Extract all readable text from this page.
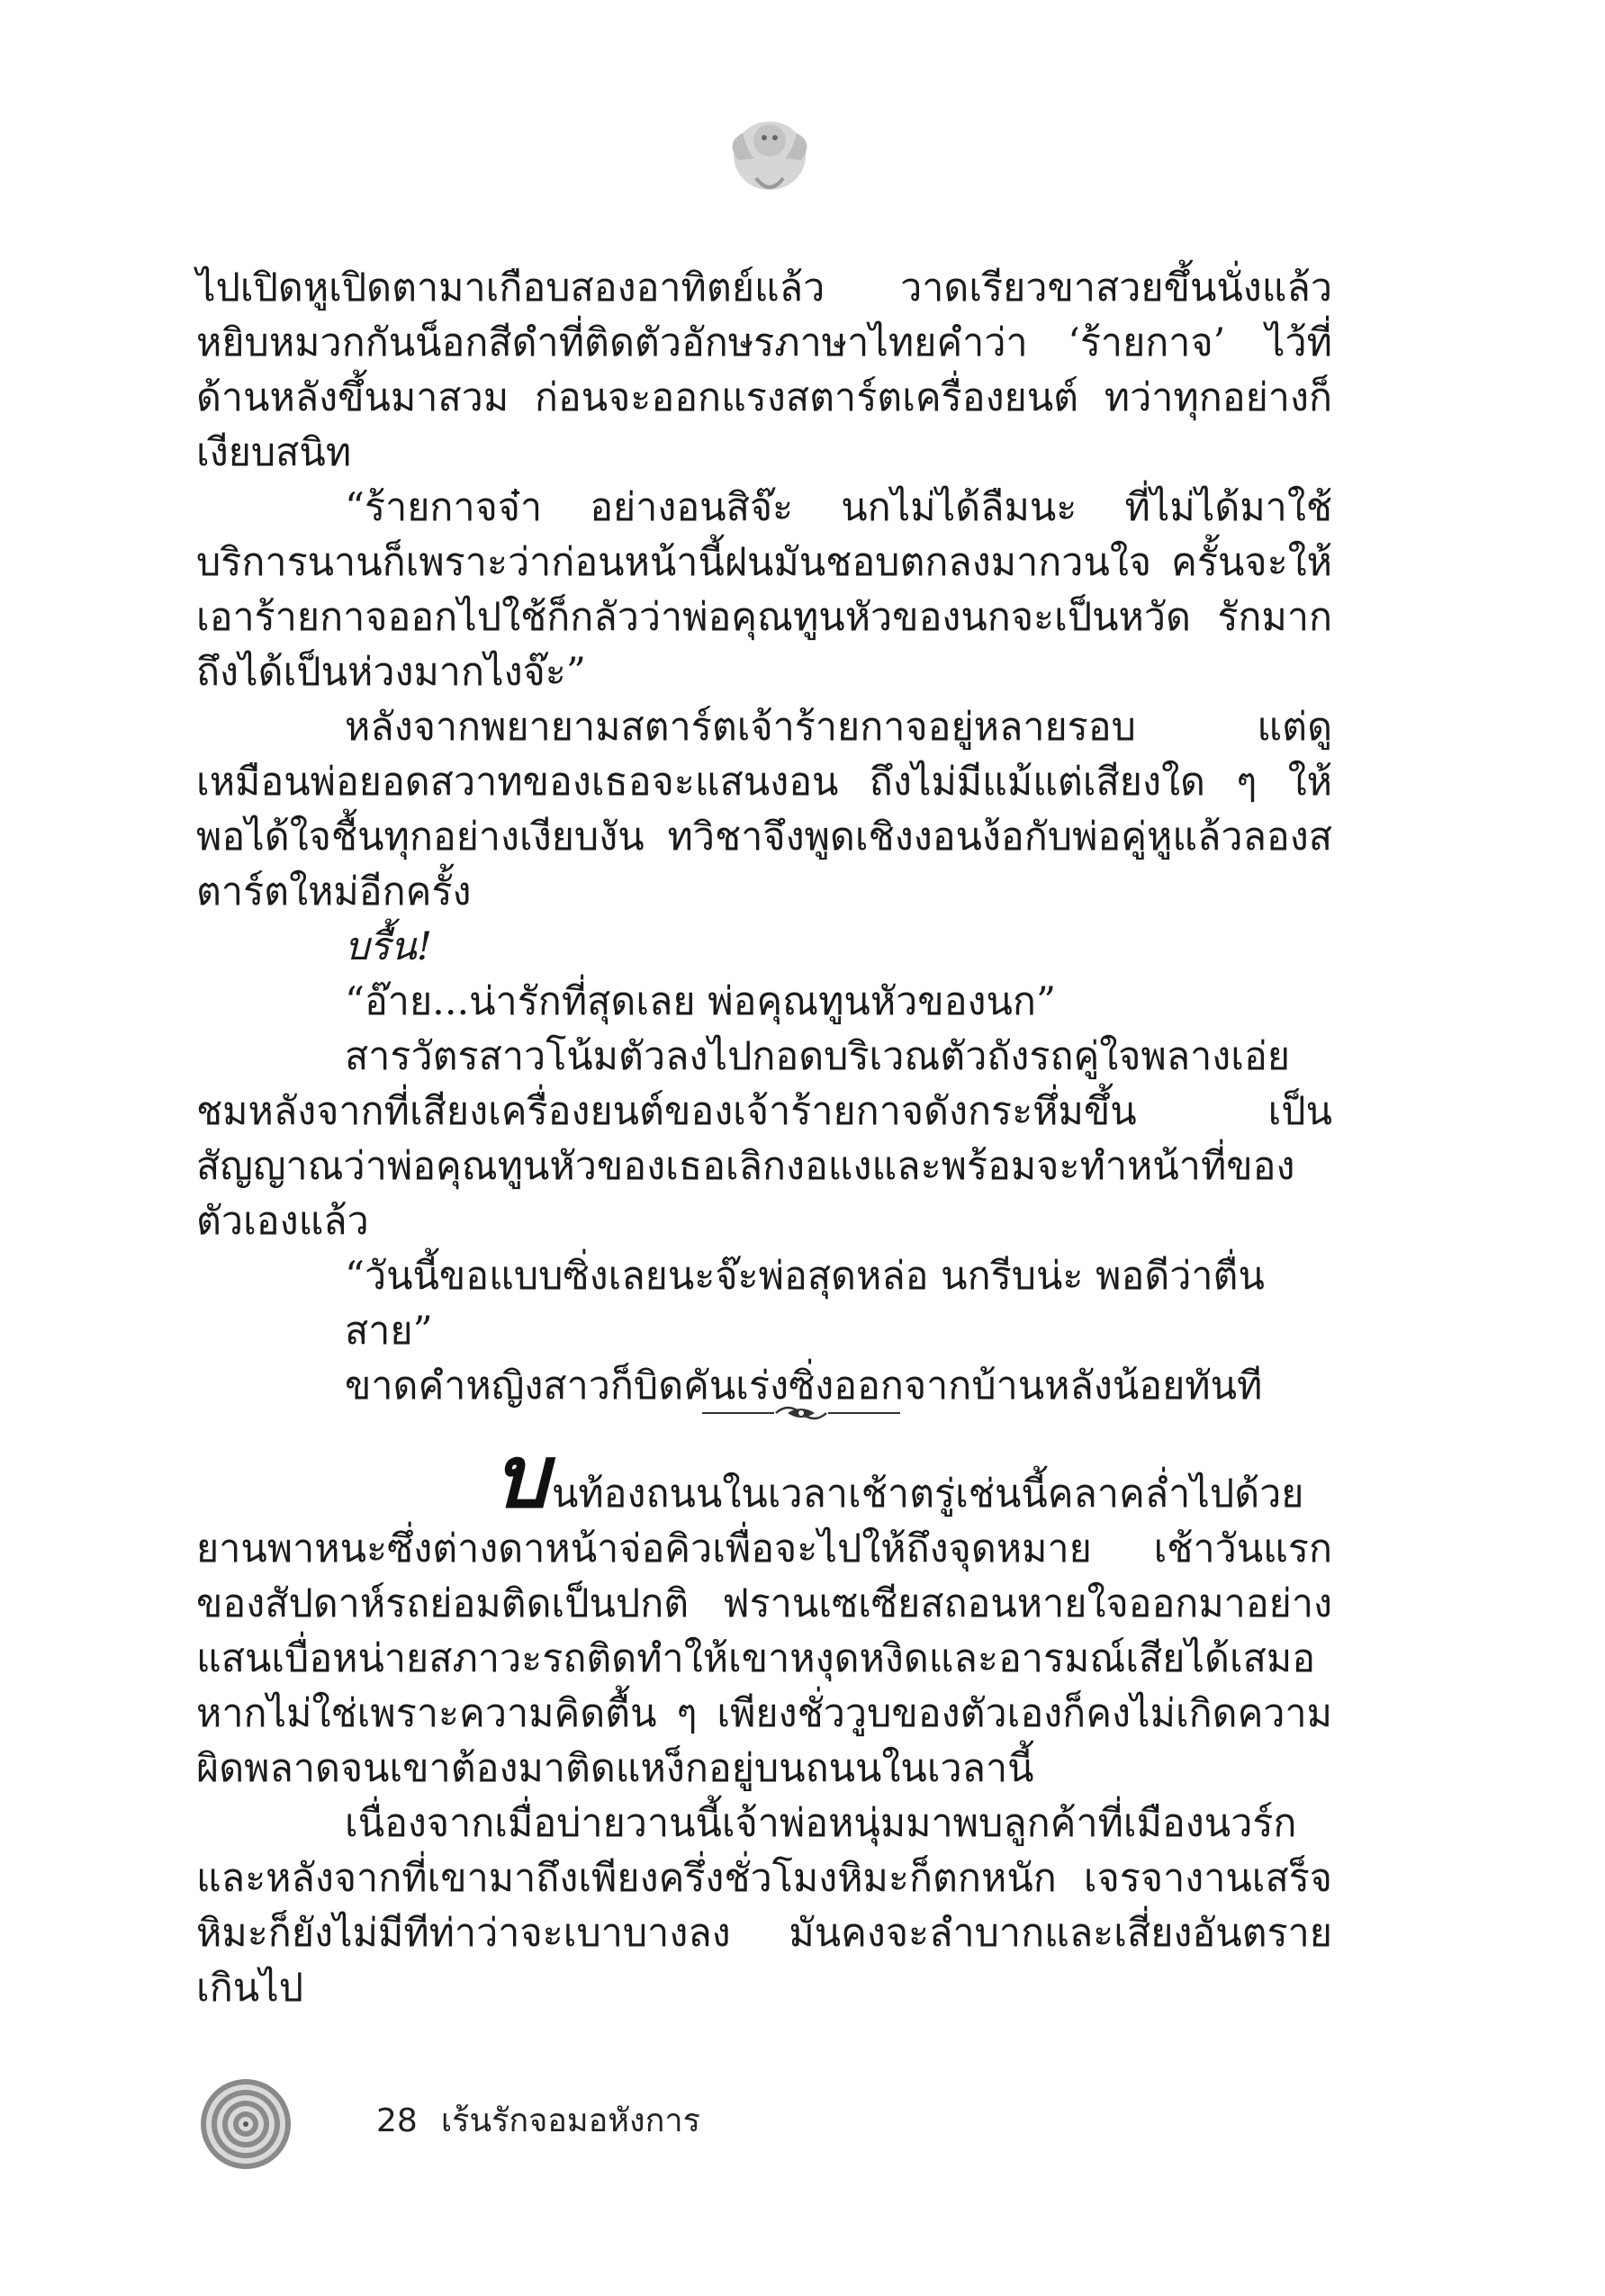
ไปเปิดหูเปิดตามาเกือบสองอาทิตย์แล้ว วาดเรียวขาสวยขึ้นนั่งแล้วหยิบหมวกกันน็อกสีดำที่ติดตัวอักษรภาษาไทยคำว่า ‘ร้ายกาจ’ ไว้ที่ด้านหลังขึ้นมาสวม ก่อนจะออกแรงสตาร์ตเครื่องยนต์ ทว่าทุกอย่างก็เงียบสนิท

“ร้ายกาจจ๋า อย่างอนสิจ๊ะ นกไม่ได้ลืมนะ ที่ไม่ได้มาใช้บริการนานก็เพราะว่าก่อนหน้านี้ฝนมันชอบตกลงมากวนใจ ครั้นจะให้เอาร้ายกาจออกไปใช้ก็กลัวว่าพ่อคุณทูนหัวของนกจะเป็นหวัด รักมากถึงได้เป็นห่วงมากไงจ๊ะ”

หลังจากพยายามสตาร์ตเจ้าร้ายกาจอยู่หลายรอบ แต่ดูเหมือนพ่อยอดสวาทของเธอจะแสนงอน ถึงไม่มีแม้แต่เสียงใด ๆ ให้พอได้ใจชื้นทุกอย่างเงียบงัน ทวิชาจึงพูดเชิงงอนง้อกับพ่อคู่หูแล้วลองสตาร์ตใหม่อีกครั้ง

บรื้น!

“อ๊าย...น่ารักที่สุดเลย พ่อคุณทูนหัวของนก”

สารวัตรสาวโน้มตัวลงไปกอดบริเวณตัวถังรถคู่ใจพลางเอ่ยชมหลังจากที่เสียงเครื่องยนต์ของเจ้าร้ายกาจดังกระหึ่มขึ้น เป็นสัญญาณว่าพ่อคุณทูนหัวของเธอเลิกงอแงและพร้อมจะทำหน้าที่ของตัวเองแล้ว

“วันนี้ขอแบบซิ่งเลยนะจ๊ะพ่อสุดหล่อ นกรีบน่ะ พอดีว่าตื่นสาย”

ขาดคำหญิงสาวก็บิดคันเร่งซิ่งออกจากบ้านหลังน้อยทันที

บนท้องถนนในเวลาเช้าตรู่เช่นนี้คลาคล่ำไปด้วยยานพาหนะซึ่งต่างดาหน้าจ่อคิวเพื่อจะไปให้ถึงจุดหมาย เช้าวันแรกของสัปดาห์รถย่อมติดเป็นปกติ ฟรานเซเซียสถอนหายใจออกมาอย่างแสนเบื่อหน่ายสภาวะรถติดทำให้เขาหงุดหงิดและอารมณ์เสียได้เสมอ หากไม่ใช่เพราะความคิดตื้น ๆ เพียงชั่ววูบของตัวเองก็คงไม่เกิดความผิดพลาดจนเขาต้องมาติดแหง็กอยู่บนถนนในเวลานี้

เนื่องจากเมื่อบ่ายวานนี้เจ้าพ่อหนุ่มมาพบลูกค้าที่เมืองนวร์กและหลังจากที่เขามาถึงเพียงครึ่งชั่วโมงหิมะก็ตกหนัก เจรจางานเสร็จหิมะก็ยังไม่มีทีท่าว่าจะเบาบางลง มันคงจะลำบากและเสี่ยงอันตรายเกินไป

28 เร้นรักจอมอหังการ
